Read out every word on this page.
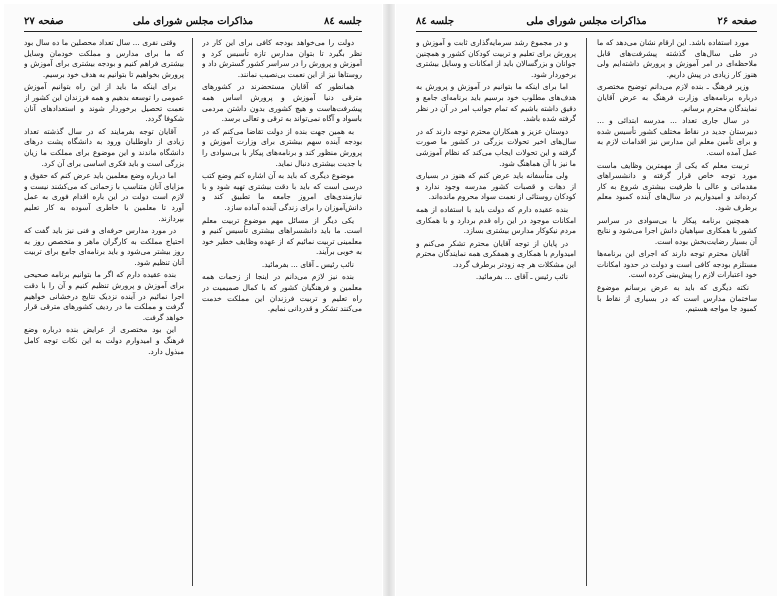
جلسه ۸٤
مذاکرات مجلس شورای ملی
صفحه ۲۷

دولت را می‌خواهد بودجه کافی برای این کار در نظر بگیرد تا بتوان مدارس تازه تأسیس کرد و آموزش و پرورش را در سراسر کشور گسترش داد و روستاها نیز از این نعمت بی‌نصیب نمانند.

همانطور که آقایان مستحضرند در کشورهای مترقی دنیا آموزش و پرورش اساس همه پیشرفت‌هاست و هیچ کشوری بدون داشتن مردمی باسواد و آگاه نمی‌تواند به ترقی و تعالی برسد.

به همین جهت بنده از دولت تقاضا می‌کنم که در بودجه آینده سهم بیشتری برای وزارت آموزش و پرورش منظور کند و برنامه‌های پیکار با بی‌سوادی را با جدیت بیشتری دنبال نماید.

موضوع دیگری که باید به آن اشاره کنم وضع کتب درسی است که باید با دقت بیشتری تهیه شود و با نیازمندی‌های امروز جامعه ما تطبیق کند و دانش‌آموزان را برای زندگی آینده آماده سازد.

یکی دیگر از مسائل مهم موضوع تربیت معلم است. ما باید دانشسراهای بیشتری تأسیس کنیم و معلمینی تربیت نمائیم که از عهده وظایف خطیر خود به خوبی برآیند.

نائب رئیس ـ آقای ... بفرمائید.

بنده نیز لازم می‌دانم در اینجا از زحمات همه معلمین و فرهنگیان کشور که با کمال صمیمیت در راه تعلیم و تربیت فرزندان این مملکت خدمت می‌کنند تشکر و قدردانی نمایم.

وقتی نفری ... سال تعداد محصلین ما ده سال بود که ما برای مدارس و مملکت خودمان وسایل بیشتری فراهم کنیم و بودجه بیشتری برای آموزش و پرورش بخواهیم تا بتوانیم به هدف خود برسیم.

برای اینکه ما باید از این راه بتوانیم آموزش عمومی را توسعه بدهیم و همه فرزندان این کشور از نعمت تحصیل برخوردار شوند و استعدادهای آنان شکوفا گردد.

آقایان توجه بفرمایند که در سال گذشته تعداد زیادی از داوطلبان ورود به دانشگاه پشت درهای دانشگاه ماندند و این موضوع برای مملکت ما زیان بزرگی است و باید فکری اساسی برای آن کرد.

اما درباره وضع معلمین باید عرض کنم که حقوق و مزایای آنان متناسب با زحماتی که می‌کشند نیست و لازم است دولت در این باره اقدام فوری به عمل آورد تا معلمین با خاطری آسوده به کار تعلیم بپردازند.

در مورد مدارس حرفه‌ای و فنی نیز باید گفت که احتیاج مملکت به کارگران ماهر و متخصص روز به روز بیشتر می‌شود و باید برنامه‌ای جامع برای تربیت آنان تنظیم شود.

بنده عقیده دارم که اگر ما بتوانیم برنامه صحیحی برای آموزش و پرورش تنظیم کنیم و آن را با دقت اجرا نمائیم در آینده نزدیک نتایج درخشانی خواهیم گرفت و مملکت ما در ردیف کشورهای مترقی قرار خواهد گرفت.

این بود مختصری از عرایض بنده درباره وضع فرهنگ و امیدوارم دولت به این نکات توجه کامل مبذول دارد.

صفحه ۲۶
مذاکرات مجلس شورای ملی
جلسه ۸٤

مورد استفاده باشد. این ارقام نشان می‌دهد که ما در طی سال‌های گذشته پیشرفت‌های قابل ملاحظه‌ای در امر آموزش و پرورش داشته‌ایم ولی هنوز کار زیادی در پیش داریم.

وزیر فرهنگ ـ بنده لازم می‌دانم توضیح مختصری درباره برنامه‌های وزارت فرهنگ به عرض آقایان نمایندگان محترم برسانم.

در سال جاری تعداد ... مدرسه ابتدائی و ... دبیرستان جدید در نقاط مختلف کشور تأسیس شده و برای تأمین معلم این مدارس نیز اقدامات لازم به عمل آمده است.

تربیت معلم که یکی از مهمترین وظایف ماست مورد توجه خاص قرار گرفته و دانشسراهای مقدماتی و عالی با ظرفیت بیشتری شروع به کار کرده‌اند و امیدواریم در سال‌های آینده کمبود معلم برطرف شود.

همچنین برنامه پیکار با بی‌سوادی در سراسر کشور با همکاری سپاهیان دانش اجرا می‌شود و نتایج آن بسیار رضایت‌بخش بوده است.

آقایان محترم توجه دارند که اجرای این برنامه‌ها مستلزم بودجه کافی است و دولت در حدود امکانات خود اعتبارات لازم را پیش‌بینی کرده است.

نکته دیگری که باید به عرض برسانم موضوع ساختمان مدارس است که در بسیاری از نقاط با کمبود جا مواجه هستیم.

و در مجموع رشد سرمایه‌گذاری ثابت و آموزش و پرورش برای تعلیم و تربیت کودکان کشور و همچنین جوانان و بزرگسالان باید از امکانات و وسایل بیشتری برخوردار شود.

اما برای اینکه ما بتوانیم در آموزش و پرورش به هدف‌های مطلوب خود برسیم باید برنامه‌ای جامع و دقیق داشته باشیم که تمام جوانب امر در آن در نظر گرفته شده باشد.

دوستان عزیز و همکاران محترم توجه دارند که در سال‌های اخیر تحولات بزرگی در کشور ما صورت گرفته و این تحولات ایجاب می‌کند که نظام آموزشی ما نیز با آن هماهنگ شود.

ولی متأسفانه باید عرض کنم که هنوز در بسیاری از دهات و قصبات کشور مدرسه وجود ندارد و کودکان روستائی از نعمت سواد محروم مانده‌اند.

بنده عقیده دارم که دولت باید با استفاده از همه امکانات موجود در این راه قدم بردارد و با همکاری مردم نیکوکار مدارس بیشتری بسازد.

در پایان از توجه آقایان محترم تشکر می‌کنم و امیدوارم با همکاری و همفکری همه نمایندگان محترم این مشکلات هر چه زودتر برطرف گردد.

نائب رئیس ـ آقای ... بفرمائید.
